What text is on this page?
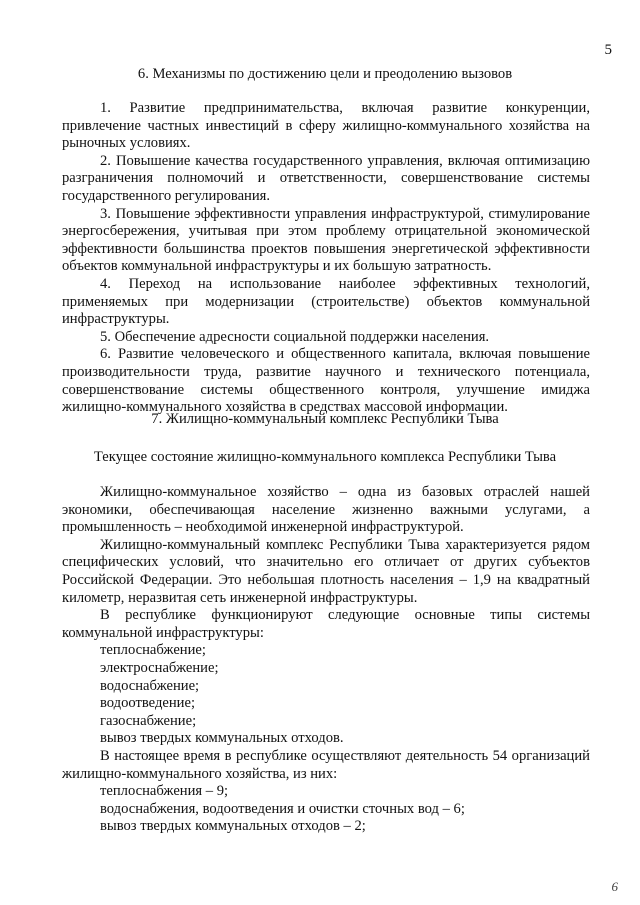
5
6. Механизмы по достижению цели и преодолению вызовов

1. Развитие предпринимательства, включая развитие конкуренции, привлечение частных инвестиций в сферу жилищно-коммунального хозяйства на рыночных условиях.

2. Повышение качества государственного управления, включая оптимизацию разграничения полномочий и ответственности, совершенствование системы государственного регулирования.

3. Повышение эффективности управления инфраструктурой, стимулирование энергосбережения, учитывая при этом проблему отрицательной экономической эффективности большинства проектов повышения энергетической эффективности объектов коммунальной инфраструктуры и их большую затратность.

4. Переход на использование наиболее эффективных технологий, применяемых при модернизации (строительстве) объектов коммунальной инфраструктуры.

5. Обеспечение адресности социальной поддержки населения.

6. Развитие человеческого и общественного капитала, включая повышение производительности труда, развитие научного и технического потенциала, совершенствование системы общественного контроля, улучшение имиджа жилищно-коммунального хозяйства в средствах массовой информации.

7. Жилищно-коммунальный комплекс Республики Тыва
Текущее состояние жилищно-коммунального комплекса Республики Тыва

Жилищно-коммунальное хозяйство – одна из базовых отраслей нашей экономики, обеспечивающая население жизненно важными услугами, а промышленность – необходимой инженерной инфраструктурой.

Жилищно-коммунальный комплекс Республики Тыва характеризуется рядом специфических условий, что значительно его отличает от других субъектов Российской Федерации. Это небольшая плотность населения – 1,9 на квадратный километр, неразвитая сеть инженерной инфраструктуры.

В республике функционируют следующие основные типы системы коммунальной инфраструктуры:

теплоснабжение;
электроснабжение;
водоснабжение;
водоотведение;
газоснабжение;
вывоз твердых коммунальных отходов.

В настоящее время в республике осуществляют деятельность 54 организаций жилищно-коммунального хозяйства, из них:

теплоснабжения – 9;
водоснабжения, водоотведения и очистки сточных вод – 6;
вывоз твердых коммунальных отходов – 2;
6
